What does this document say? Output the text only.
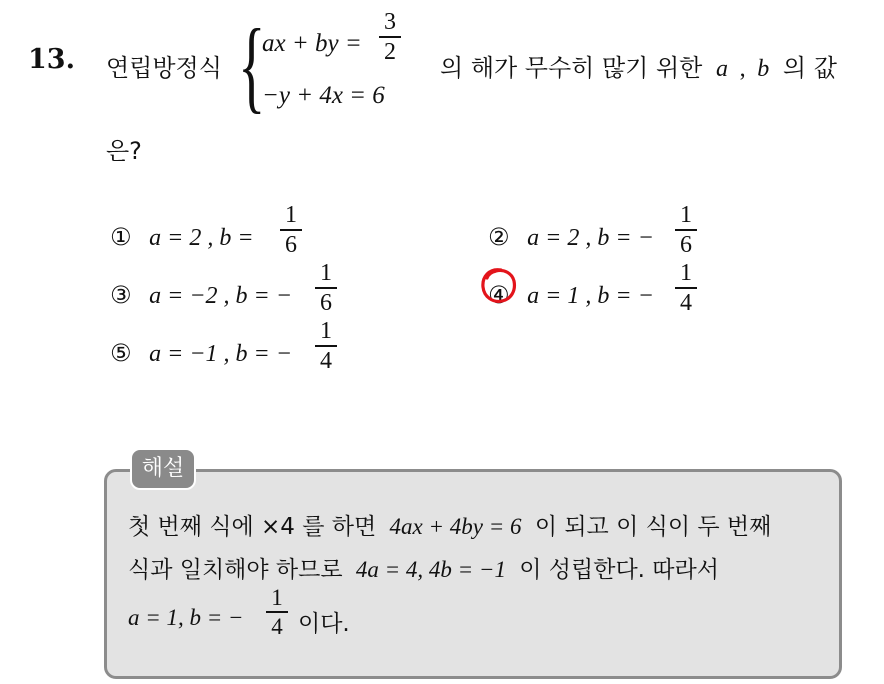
13. 연립방정식 {
ax + by =
3
2
−y + 4x = 6
의 해가 무수히 많기 위한 a , b 의 값
은?
① a = 2 , b =
1
6	② a = 2 , b = −
1
6
③ a = −2 , b = −
1
6	④ a = 1 , b = −
1
4
⑤ a = −1 , b = −
1
4
해설
첫 번째 식에 ×4 를 하면 4ax + 4by = 6 이 되고 이 식이 두 번째
식과 일치해야 하므로 4a = 4, 4b = −1 이 성립한다. 따라서
a = 1, b = −
1
4 이다.
